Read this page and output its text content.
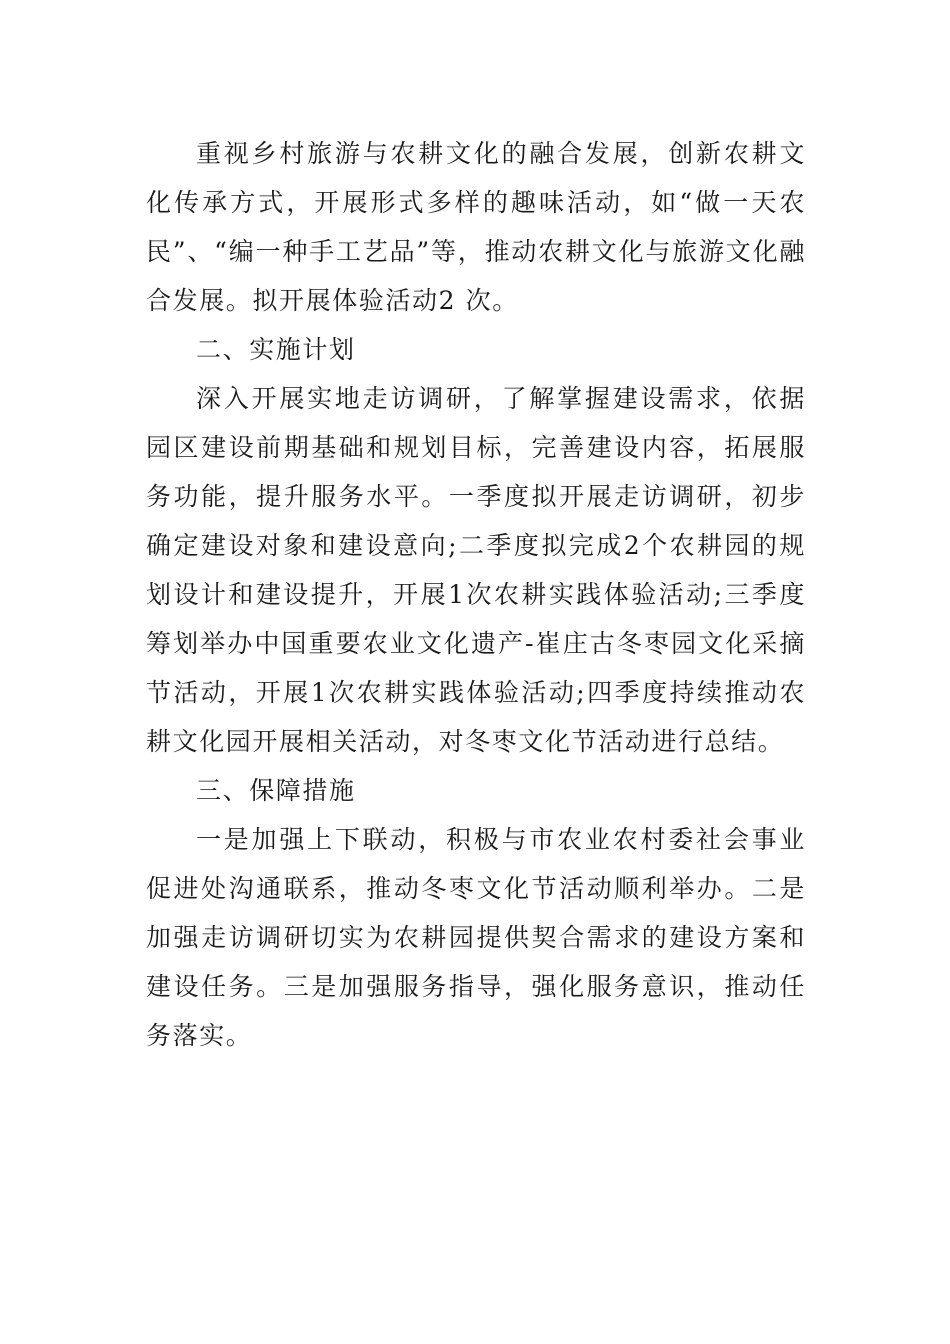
重视乡村旅游与农耕文化的融合发展，创新农耕文化传承方式，开展形式多样的趣味活动，如“做一天农民”、“编一种手工艺品”等，推动农耕文化与旅游文化融合发展。拟开展体验活动2 次。

二、实施计划

深入开展实地走访调研，了解掌握建设需求，依据园区建设前期基础和规划目标，完善建设内容，拓展服务功能，提升服务水平。一季度拟开展走访调研，初步确定建设对象和建设意向;二季度拟完成2个农耕园的规划设计和建设提升，开展1次农耕实践体验活动;三季度筹划举办中国重要农业文化遗产-崔庄古冬枣园文化采摘节活动，开展1次农耕实践体验活动;四季度持续推动农耕文化园开展相关活动，对冬枣文化节活动进行总结。

三、保障措施

一是加强上下联动，积极与市农业农村委社会事业促进处沟通联系，推动冬枣文化节活动顺利举办。二是加强走访调研切实为农耕园提供契合需求的建设方案和建设任务。三是加强服务指导，强化服务意识，推动任务落实。
